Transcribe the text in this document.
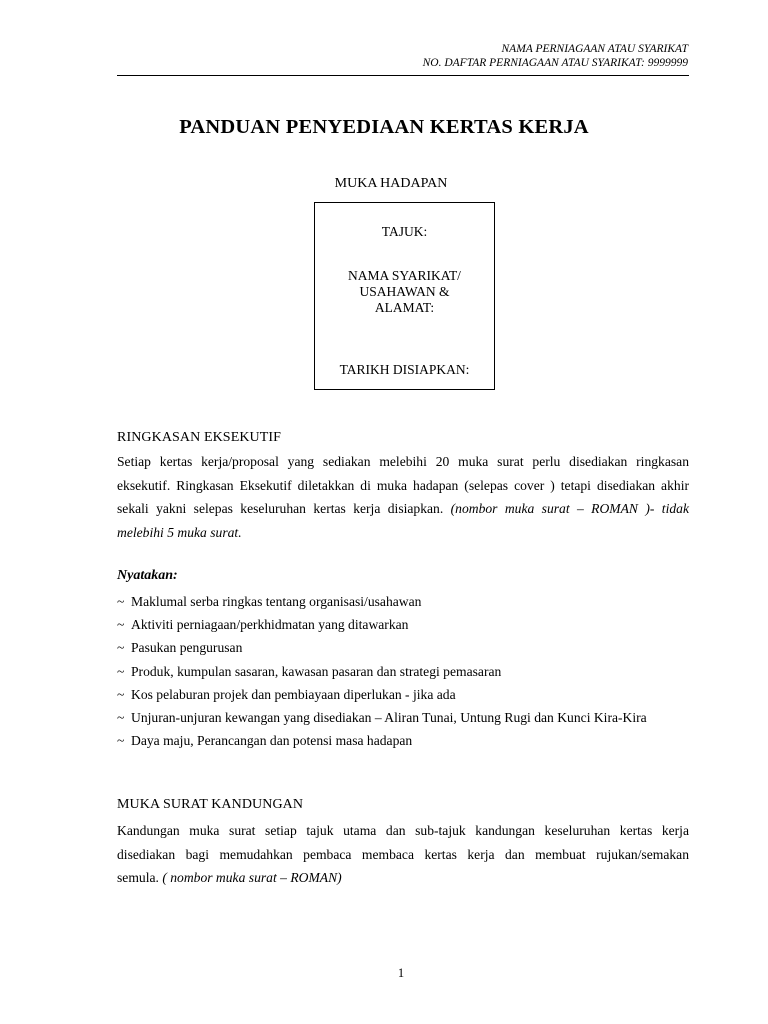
NAMA PERNIAGAAN ATAU SYARIKAT
NO. DAFTAR PERNIAGAAN ATAU SYARIKAT: 9999999
PANDUAN PENYEDIAAN KERTAS KERJA
MUKA HADAPAN
TAJUK:
NAMA SYARIKAT/
USAHAWAN &
ALAMAT:
TARIKH DISIAPKAN:
RINGKASAN EKSEKUTIF
Setiap kertas kerja/proposal yang sediakan melebihi 20 muka surat perlu disediakan ringkasan
eksekutif. Ringkasan Eksekutif diletakkan di muka hadapan (selepas cover ) tetapi disediakan akhir
sekali yakni selepas keseluruhan kertas kerja disiapkan. (nombor muka surat – ROMAN )- tidak
melebihi 5 muka surat.
Nyatakan:
~ Maklumal serba ringkas tentang organisasi/usahawan
~ Aktiviti perniagaan/perkhidmatan yang ditawarkan
~ Pasukan pengurusan
~ Produk, kumpulan sasaran, kawasan pasaran dan strategi pemasaran
~ Kos pelaburan projek dan pembiayaan diperlukan - jika ada
~ Unjuran-unjuran kewangan yang disediakan – Aliran Tunai, Untung Rugi dan Kunci Kira-Kira
~ Daya maju, Perancangan dan potensi masa hadapan
MUKA SURAT KANDUNGAN
Kandungan muka surat setiap tajuk utama dan sub-tajuk kandungan keseluruhan kertas kerja
disediakan bagi memudahkan pembaca membaca kertas kerja dan membuat rujukan/semakan
semula. ( nombor muka surat – ROMAN)
1
